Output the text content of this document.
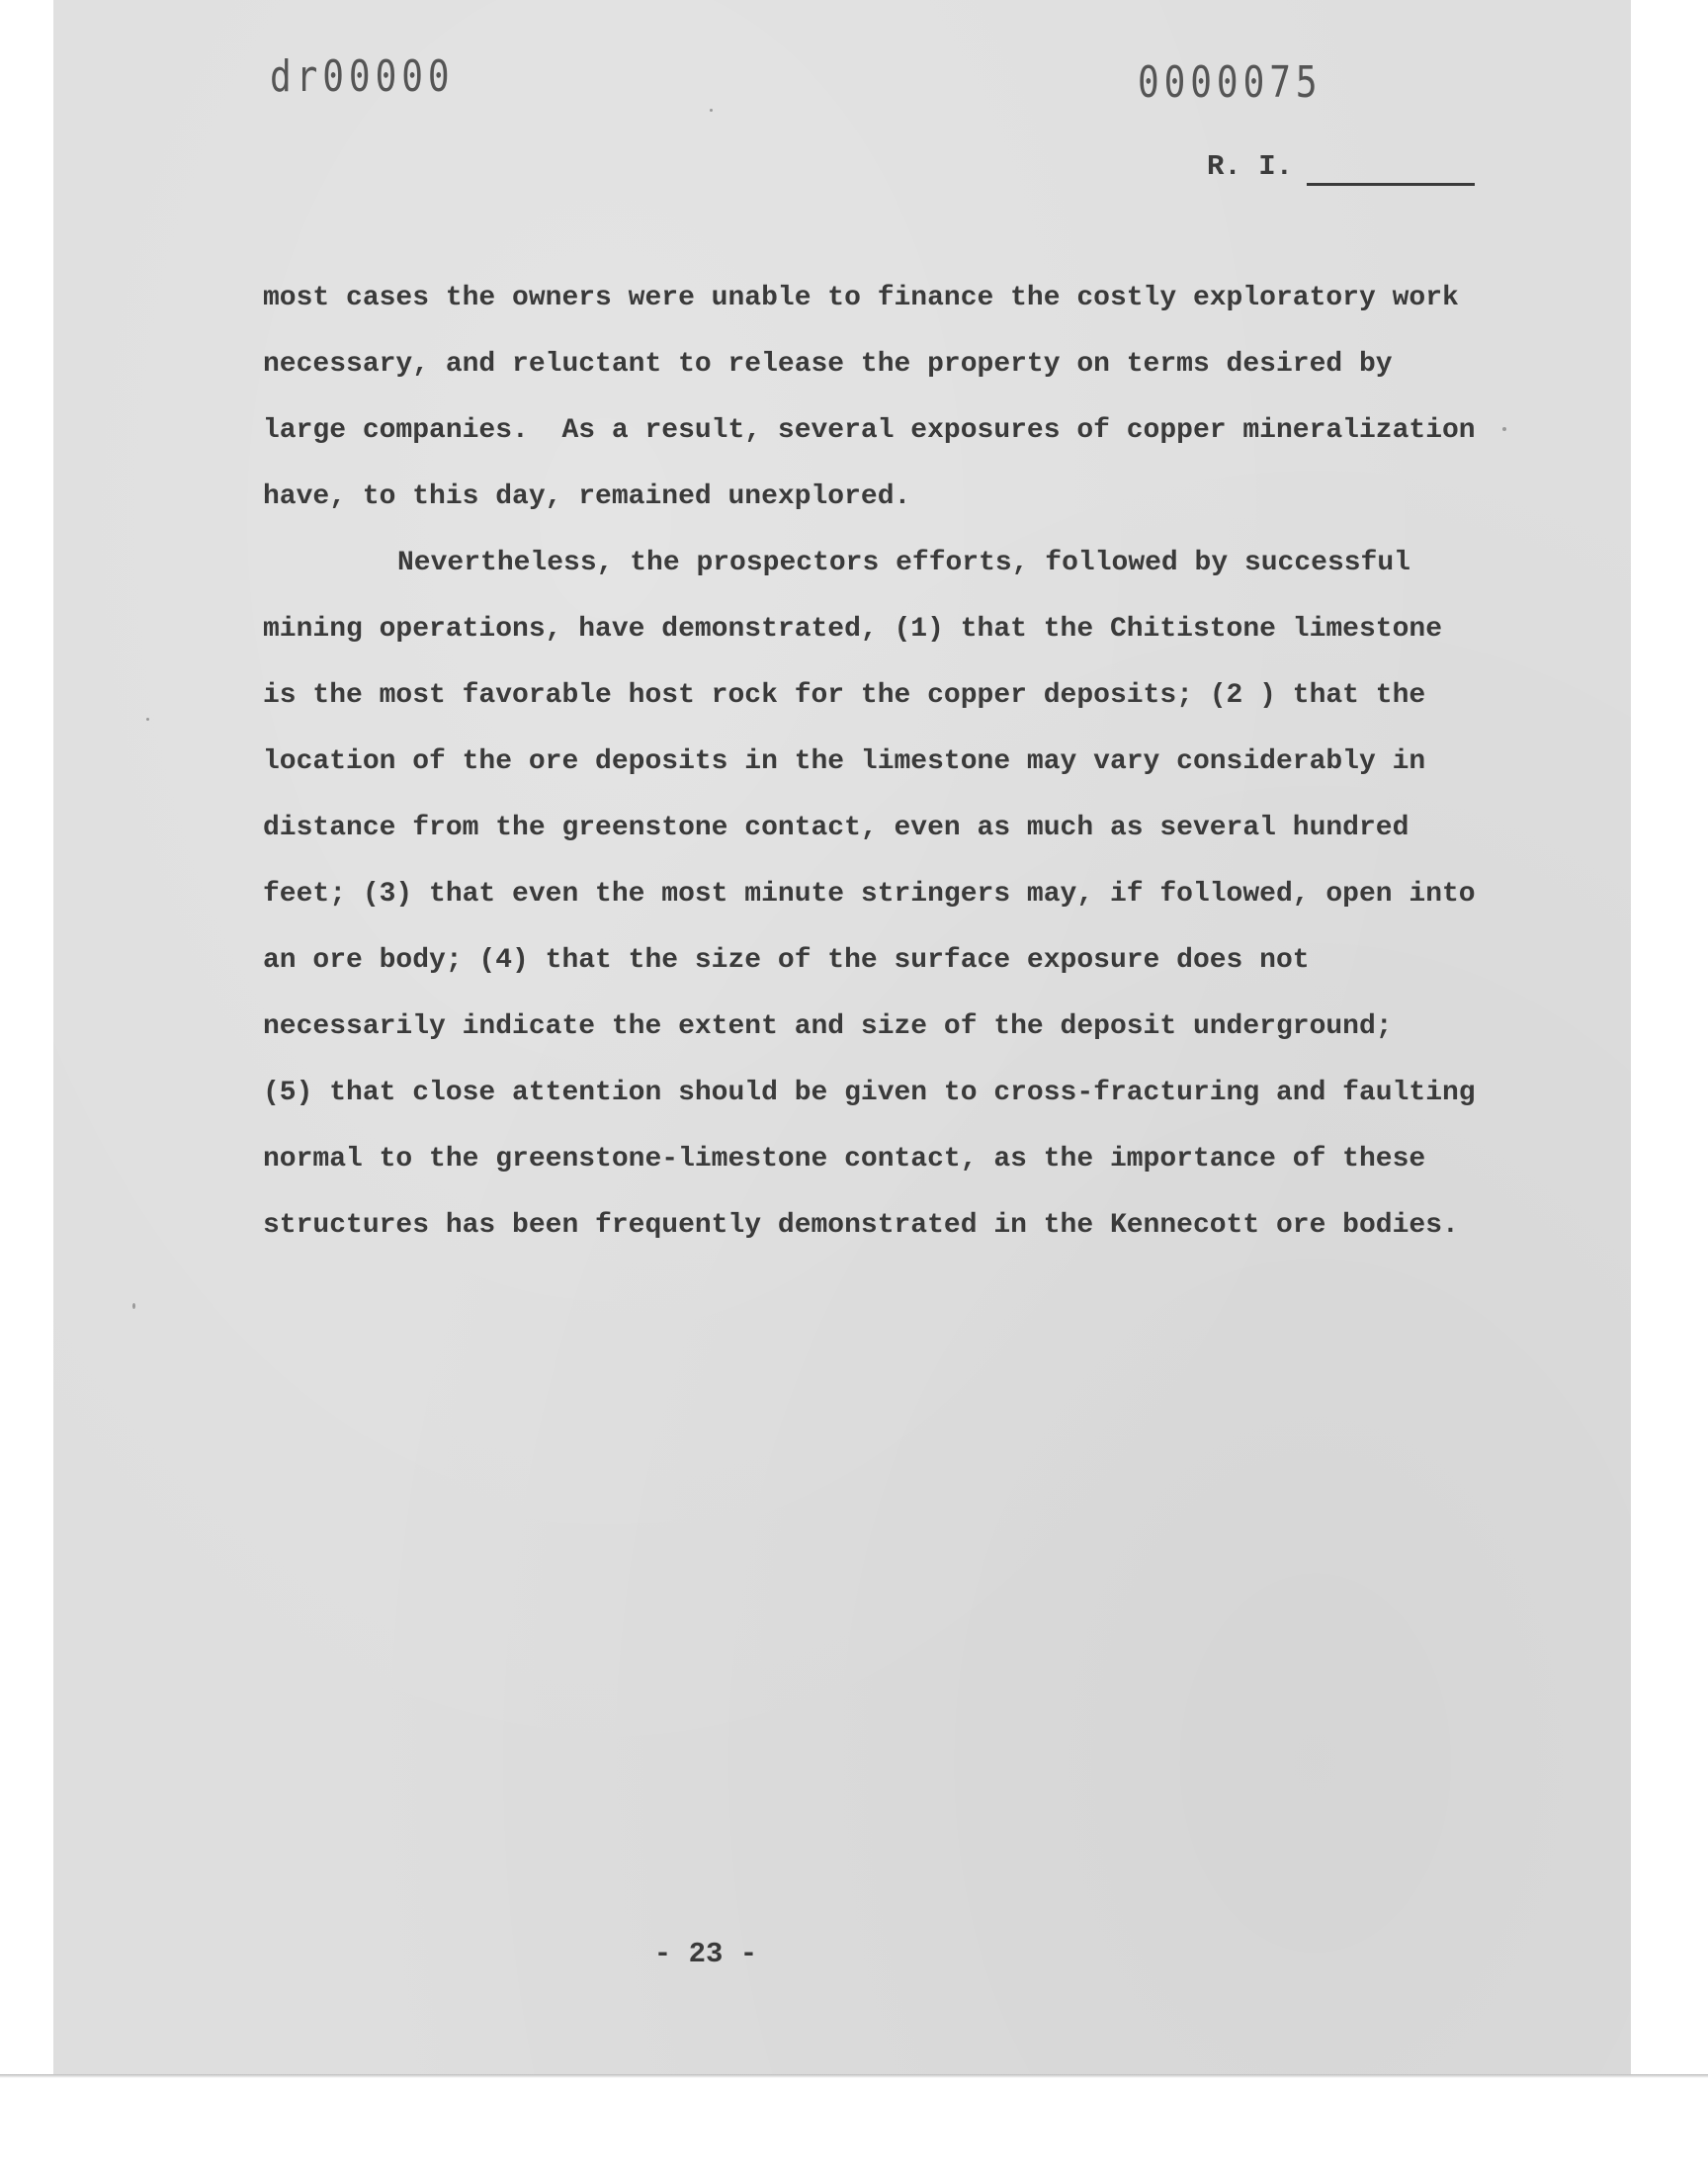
dr00000	0000075
R. I.
most cases the owners were unable to finance the costly exploratory work
necessary, and reluctant to release the property on terms desired by
large companies.  As a result, several exposures of copper mineralization
have, to this day, remained unexplored.
Nevertheless, the prospectors efforts, followed by successful
mining operations, have demonstrated, (1) that the Chitistone limestone
is the most favorable host rock for the copper deposits; (2 ) that the
location of the ore deposits in the limestone may vary considerably in
distance from the greenstone contact, even as much as several hundred
feet; (3) that even the most minute stringers may, if followed, open into
an ore body; (4) that the size of the surface exposure does not
necessarily indicate the extent and size of the deposit underground;
(5) that close attention should be given to cross-fracturing and faulting
normal to the greenstone-limestone contact, as the importance of these
structures has been frequently demonstrated in the Kennecott ore bodies.
- 23 -
